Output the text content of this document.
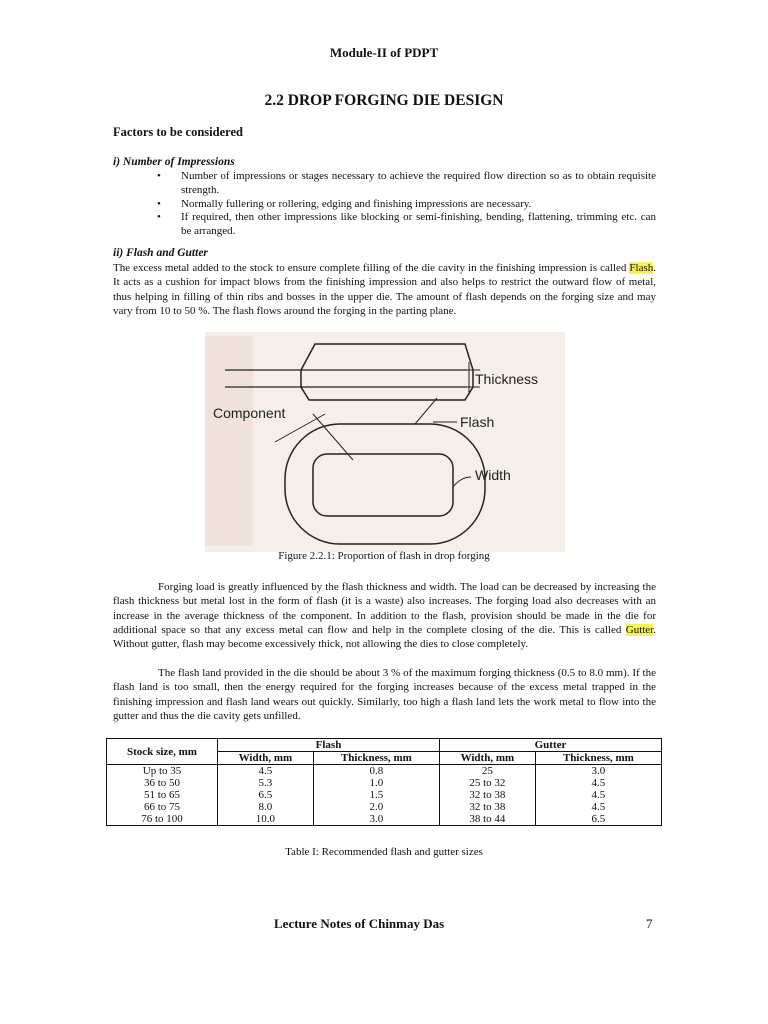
Module-II of PDPT
2.2 DROP FORGING DIE DESIGN
Factors to be considered
i) Number of Impressions
• Number of impressions or stages necessary to achieve the required flow direction so as to obtain requisite strength.
• Normally fullering or rollering, edging and finishing impressions are necessary.
• If required, then other impressions like blocking or semi-finishing, bending, flattening, trimming etc. can be arranged.
ii) Flash and Gutter
The excess metal added to the stock to ensure complete filling of the die cavity in the finishing impression is called Flash. It acts as a cushion for impact blows from the finishing impression and also helps to restrict the outward flow of metal, thus helping in filling of thin ribs and bosses in the upper die. The amount of flash depends on the forging size and may vary from 10 to 50 %. The flash flows around the forging in the parting plane.
Thickness
Component
Flash
Width
Figure 2.2.1: Proportion of flash in drop forging
Forging load is greatly influenced by the flash thickness and width. The load can be decreased by increasing the flash thickness but metal lost in the form of flash (it is a waste) also increases. The forging load also decreases with an increase in the average thickness of the component. In addition to the flash, provision should be made in the die for additional space so that any excess metal can flow and help in the complete closing of the die. This is called Gutter. Without gutter, flash may become excessively thick, not allowing the dies to close completely.
The flash land provided in the die should be about 3 % of the maximum forging thickness (0.5 to 8.0 mm). If the flash land is too small, then the energy required for the forging increases because of the excess metal trapped in the finishing impression and flash land wears out quickly. Similarly, too high a flash land lets the work metal to flow into the gutter and thus the die cavity gets unfilled.
Stock size, mm	Flash		Gutter	
	Width, mm	Thickness, mm	Width, mm	Thickness, mm
Up to 35	4.5	0.8	25	3.0
36 to 50	5.3	1.0	25 to 32	4.5
51 to 65	6.5	1.5	32 to 38	4.5
66 to 75	8.0	2.0	32 to 38	4.5
76 to 100	10.0	3.0	38 to 44	6.5
Table I: Recommended flash and gutter sizes
Lecture Notes of Chinmay Das	7
